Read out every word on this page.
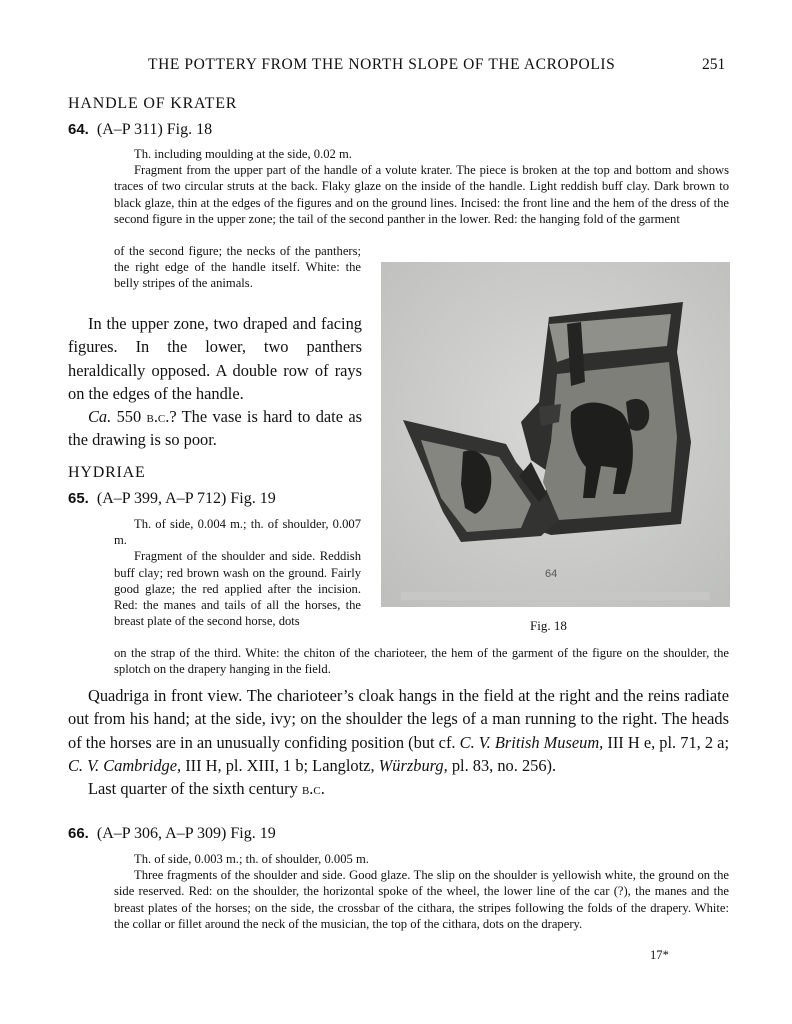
THE POTTERY FROM THE NORTH SLOPE OF THE ACROPOLIS	251
HANDLE OF KRATER
64. (A–P 311) Fig. 18

Th. including moulding at the side, 0.02 m.

Fragment from the upper part of the handle of a volute krater. The piece is broken at the top and bottom and shows traces of two circular struts at the back. Flaky glaze on the inside of the handle. Light reddish buff clay. Dark brown to black glaze, thin at the edges of the figures and on the ground lines. Incised: the front line and the hem of the dress of the second figure in the upper zone; the tail of the second panther in the lower. Red: the hanging fold of the garment

of the second figure; the necks of the panthers; the right edge of the handle itself. White: the belly stripes of the animals.

In the upper zone, two draped and facing figures. In the lower, two panthers heraldically opposed. A double row of rays on the edges of the handle.

Ca. 550 b.c.? The vase is hard to date as the drawing is so poor.

HYDRIAE
65. (A–P 399, A–P 712) Fig. 19

Th. of side, 0.004 m.; th. of shoulder, 0.007 m.

Fragment of the shoulder and side. Reddish buff clay; red brown wash on the ground. Fairly good glaze; the red applied after the incision. Red: the manes and tails of all the horses, the breast plate of the second horse, dots

on the strap of the third. White: the chiton of the charioteer, the hem of the garment of the figure on the shoulder, the splotch on the drapery hanging in the field.

Quadriga in front view. The charioteer’s cloak hangs in the field at the right and the reins radiate out from his hand; at the side, ivy; on the shoulder the legs of a man running to the right. The heads of the horses are in an unusually confiding position (but cf. C. V. British Museum, III H e, pl. 71, 2 a; C. V. Cambridge, III H, pl. XIII, 1 b; Langlotz, Würzburg, pl. 83, no. 256).

Last quarter of the sixth century b.c.

66. (A–P 306, A–P 309) Fig. 19

Th. of side, 0.003 m.; th. of shoulder, 0.005 m.

Three fragments of the shoulder and side. Good glaze. The slip on the shoulder is yellowish white, the ground on the side reserved. Red: on the shoulder, the horizontal spoke of the wheel, the lower line of the car (?), the manes and the breast plates of the horses; on the side, the crossbar of the cithara, the stripes following the folds of the drapery. White: the collar or fillet around the neck of the musician, the top of the cithara, dots on the drapery.

64
Fig. 18
17*
